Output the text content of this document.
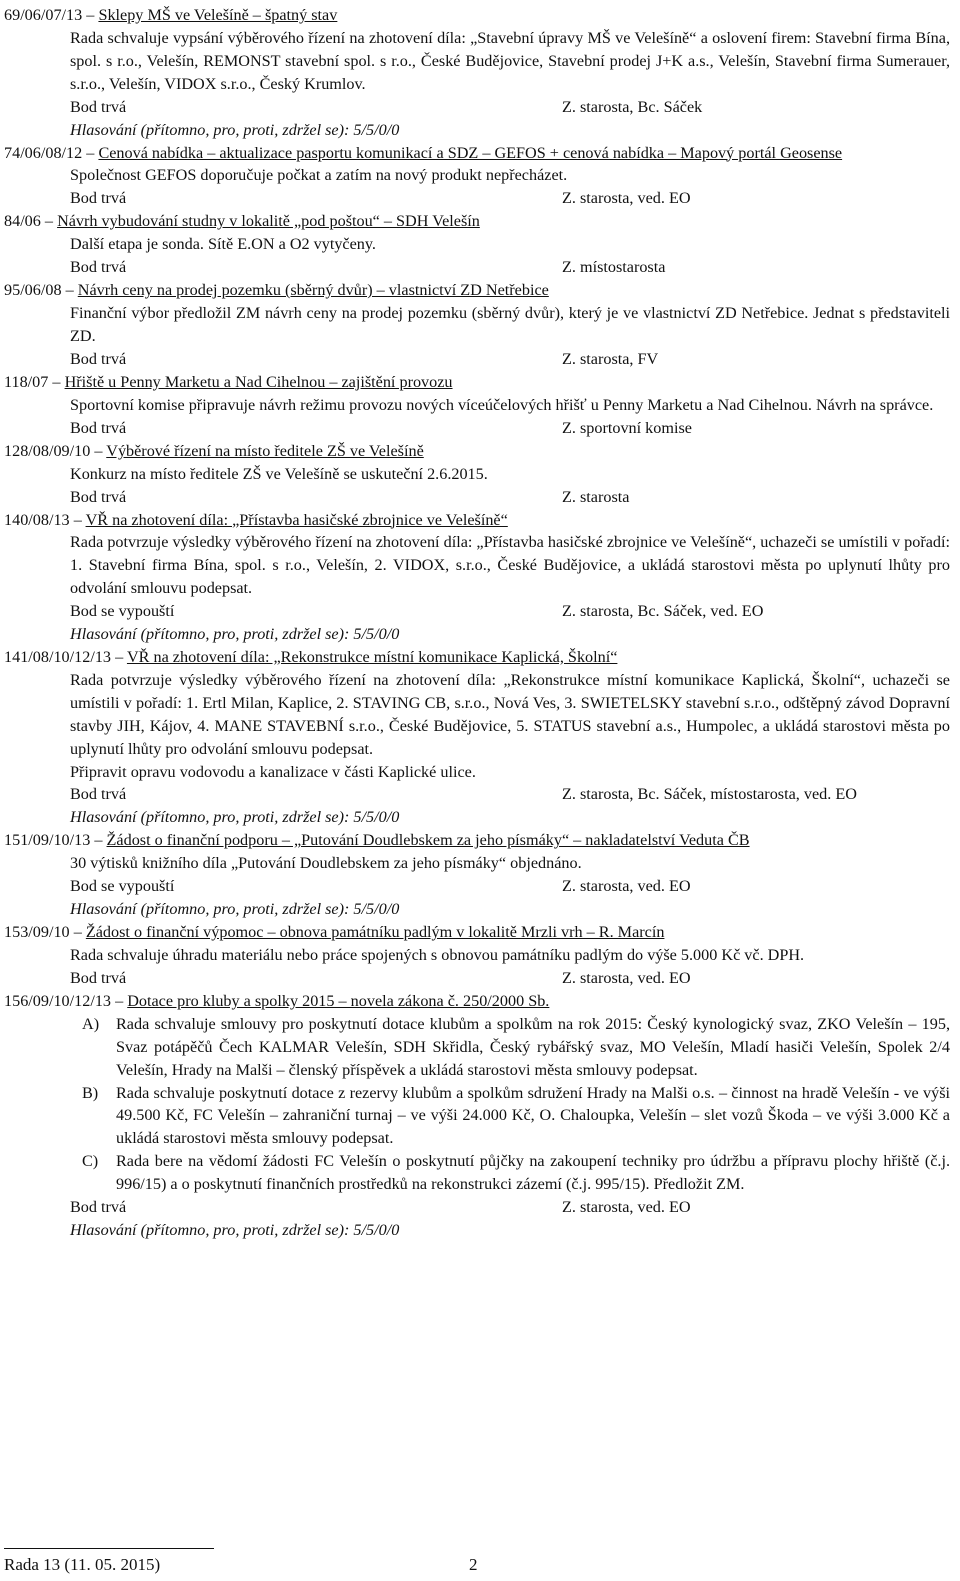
69/06/07/13 – Sklepy MŠ ve Velešíně – špatný stav
Rada schvaluje vypsání výběrového řízení na zhotovení díla: „Stavební úpravy MŠ ve Velešíně“ a oslovení firem: Stavební firma Bína, spol. s r.o., Velešín, REMONST stavební spol. s r.o., České Budějovice, Stavební prodej J+K a.s., Velešín, Stavební firma Sumerauer, s.r.o., Velešín, VIDOX s.r.o., Český Krumlov.
Bod trvá	Z. starosta, Bc. Sáček
Hlasování (přítomno, pro, proti, zdržel se): 5/5/0/0
74/06/08/12 – Cenová nabídka – aktualizace pasportu komunikací a SDZ – GEFOS + cenová nabídka – Mapový portál Geosense
Společnost GEFOS doporučuje počkat a zatím na nový produkt nepřecházet.
Bod trvá	Z. starosta, ved. EO
84/06 – Návrh vybudování studny v lokalitě „pod poštou“ – SDH Velešín
Další etapa je sonda. Sítě E.ON a O2 vytyčeny.
Bod trvá	Z. místostarosta
95/06/08 – Návrh ceny na prodej pozemku (sběrný dvůr) – vlastnictví ZD Netřebice
Finanční výbor předložil ZM návrh ceny na prodej pozemku (sběrný dvůr), který je ve vlastnictví ZD Netřebice. Jednat s představiteli ZD.
Bod trvá	Z. starosta, FV
118/07 – Hřiště u Penny Marketu a Nad Cihelnou – zajištění provozu
Sportovní komise připravuje návrh režimu provozu nových víceúčelových hřišť u Penny Marketu a Nad Cihelnou. Návrh na správce.
Bod trvá	Z. sportovní komise
128/08/09/10 – Výběrové řízení na místo ředitele ZŠ ve Velešíně
Konkurz na místo ředitele ZŠ ve Velešíně se uskuteční 2.6.2015.
Bod trvá	Z. starosta
140/08/13 – VŘ na zhotovení díla: „Přístavba hasičské zbrojnice ve Velešíně“
Rada potvrzuje výsledky výběrového řízení na zhotovení díla: „Přístavba hasičské zbrojnice ve Velešíně“, uchazeči se umístili v pořadí: 1. Stavební firma Bína, spol. s r.o., Velešín, 2. VIDOX, s.r.o., České Budějovice, a ukládá starostovi města po uplynutí lhůty pro odvolání smlouvu podepsat.
Bod se vypouští	Z. starosta, Bc. Sáček, ved. EO
Hlasování (přítomno, pro, proti, zdržel se): 5/5/0/0
141/08/10/12/13 – VŘ na zhotovení díla: „Rekonstrukce místní komunikace Kaplická, Školní“
Rada potvrzuje výsledky výběrového řízení na zhotovení díla: „Rekonstrukce místní komunikace Kaplická, Školní“, uchazeči se umístili v pořadí: 1. Ertl Milan, Kaplice, 2. STAVING CB, s.r.o., Nová Ves, 3. SWIETELSKY stavební s.r.o., odštěpný závod Dopravní stavby JIH, Kájov, 4. MANE STAVEBNÍ s.r.o., České Budějovice, 5. STATUS stavební a.s., Humpolec, a ukládá starostovi města po uplynutí lhůty pro odvolání smlouvu podepsat.
Připravit opravu vodovodu a kanalizace v části Kaplické ulice.
Bod trvá	Z. starosta, Bc. Sáček, místostarosta, ved. EO
Hlasování (přítomno, pro, proti, zdržel se): 5/5/0/0
151/09/10/13 – Žádost o finanční podporu – „Putování Doudlebskem za jeho písmáky“ – nakladatelství Veduta ČB
30 výtisků knižního díla „Putování Doudlebskem za jeho písmáky“ objednáno.
Bod se vypouští	Z. starosta, ved. EO
Hlasování (přítomno, pro, proti, zdržel se): 5/5/0/0
153/09/10 – Žádost o finanční výpomoc – obnova památníku padlým v lokalitě Mrzli vrh – R. Marcín
Rada schvaluje úhradu materiálu nebo práce spojených s obnovou památníku padlým do výše 5.000 Kč vč. DPH.
Bod trvá	Z. starosta, ved. EO
156/09/10/12/13 – Dotace pro kluby a spolky 2015 – novela zákona č. 250/2000 Sb.
A) Rada schvaluje smlouvy pro poskytnutí dotace klubům a spolkům na rok 2015: Český kynologický svaz, ZKO Velešín – 195, Svaz potápěčů Čech KALMAR Velešín, SDH Skřidla, Český rybářský svaz, MO Velešín, Mladí hasiči Velešín, Spolek 2/4 Velešín, Hrady na Malši – členský příspěvek a ukládá starostovi města smlouvy podepsat.
B) Rada schvaluje poskytnutí dotace z rezervy klubům a spolkům sdružení Hrady na Malši o.s. – činnost na hradě Velešín - ve výši 49.500 Kč, FC Velešín – zahraniční turnaj – ve výši 24.000 Kč, O. Chaloupka, Velešín – slet vozů Škoda – ve výši 3.000 Kč a ukládá starostovi města smlouvy podepsat.
C) Rada bere na vědomí žádosti FC Velešín o poskytnutí půjčky na zakoupení techniky pro údržbu a přípravu plochy hřiště (č.j. 996/15) a o poskytnutí finančních prostředků na rekonstrukci zázemí (č.j. 995/15). Předložit ZM.
Bod trvá	Z. starosta, ved. EO
Hlasování (přítomno, pro, proti, zdržel se): 5/5/0/0
Rada 13 (11. 05. 2015)	2
